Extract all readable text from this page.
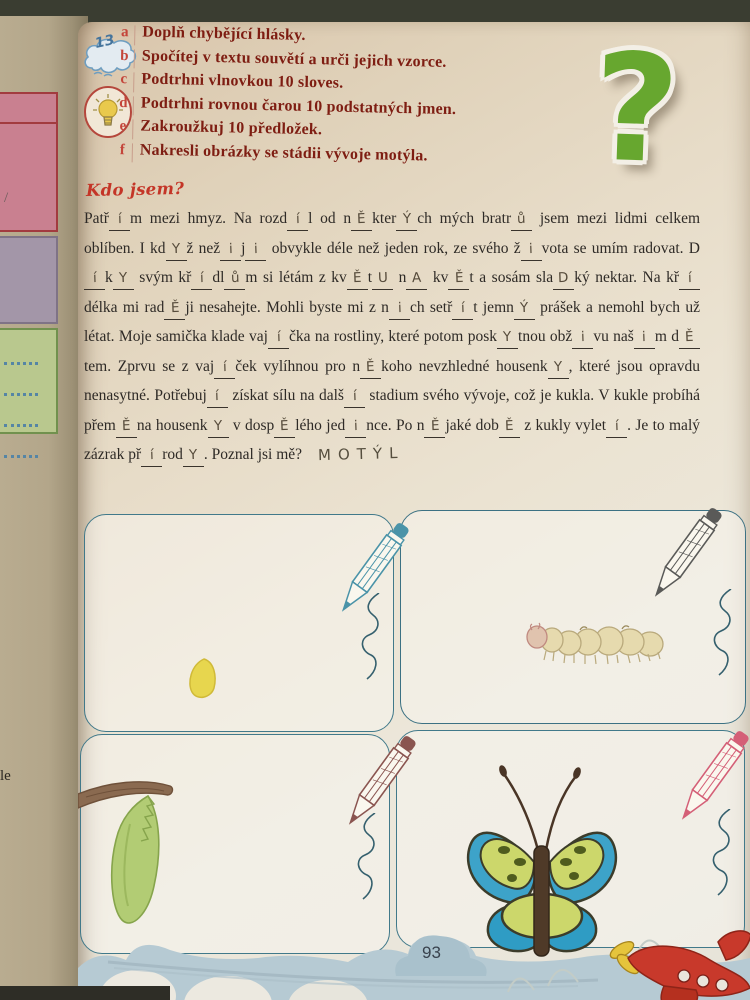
/
le
13
a Doplň chybějící hlásky.
b Spočítej v textu souvětí a urči jejich vzorce.
c Podtrhni vlnovkou 10 sloves.
d Podtrhni rovnou čarou 10 podstatných jmen.
e Zakroužkuj 10 předložek.
f Nakresli obrázky se stádii vývoje motýla.	?
Kdo jsem?
Patř í m mezi hmyz. Na rozd í l od n Ě kter Ý ch mých bratr ů jsem mezi lidmi celkem oblíben. I kd Y ž než i j i obvykle déle než jeden rok, ze svého ž i vota se umím radovat. Dí k Y svým kř í dl ů m si létám z kv Ě t U n A kv Ě t a sosám sla D ký nektar. Na kř ídélka mi rad Ě ji nesahejte. Mohli byste mi z n i ch setř í t jemn Ý prášek a nemohl bych už létat. Moje samička klade vaj í čka na rostliny, které potom posk Y tnou obž i vu naš i m d Ětem. Zprvu se z vaj í ček vylíhnou pro n Ě koho nevzhledné housenk Y , které jsou opravdu nenasytné. Potřebuj í získat sílu na dalš í stadium svého vývoje, což je kukla. V kukle probíhá přem Ě na housenk Y v dosp Ě lého jed i nce. Po n Ě jaké dob Ě z kukly vylet í . Je to malý zázrak př í rod Y . Poznal jsi mě? MOTÝL
93
